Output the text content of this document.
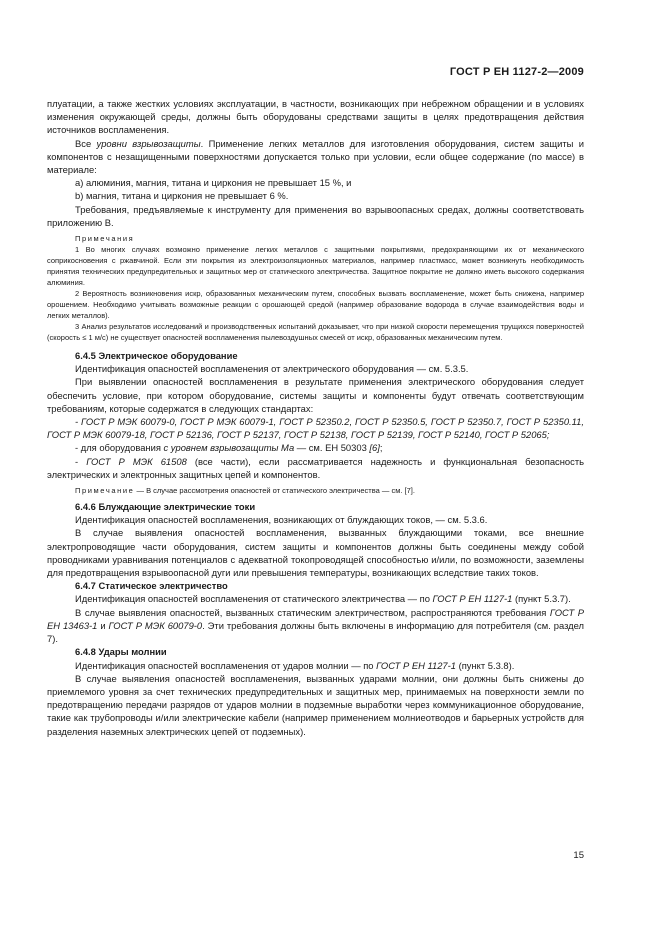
ГОСТ Р ЕН 1127-2—2009

плуатации, а также жестких условиях эксплуатации, в частности, возникающих при небрежном обращении и в условиях изменения окружающей среды, должны быть оборудованы средствами защиты в целях предотвращения действия источников воспламенения.

Все уровни взрывозащиты. Применение легких металлов для изготовления оборудования, систем защиты и компонентов с незащищенными поверхностями допускается только при условии, если общее содержание (по массе) в материале:

a) алюминия, магния, титана и циркония не превышает 15 %, и

b) магния, титана и циркония не превышает 6 %.

Требования, предъявляемые к инструменту для применения во взрывоопасных средах, должны соответствовать приложению В.

Примечания

1 Во многих случаях возможно применение легких металлов с защитными покрытиями, предохраняющими их от механического соприкосновения с ржавчиной. Если эти покрытия из электроизоляционных материалов, например пластмасс, может возникнуть необходимость принятия технических предупредительных и защитных мер от статического электричества. Защитное покрытие не должно иметь высокого содержания алюминия.

2 Вероятность возникновения искр, образованных механическим путем, способных вызвать воспламенение, может быть снижена, например орошением. Необходимо учитывать возможные реакции с орошающей средой (например образование водорода в случае взаимодействия воды и легких металлов).

3 Анализ результатов исследований и производственных испытаний доказывает, что при низкой скорости перемещения трущихся поверхностей (скорость ≤ 1 м/с) не существует опасностей воспламенения пылевоздушных смесей от искр, образованных механическим путем.

6.4.5 Электрическое оборудование

Идентификация опасностей воспламенения от электрического оборудования — см. 5.3.5.

При выявлении опасностей воспламенения в результате применения электрического оборудования следует обеспечить условие, при котором оборудование, системы защиты и компоненты будут отвечать соответствующим требованиям, которые содержатся в следующих стандартах:

- ГОСТ Р МЭК 60079-0, ГОСТ Р МЭК 60079-1, ГОСТ Р 52350.2, ГОСТ Р 52350.5, ГОСТ Р 52350.7, ГОСТ Р 52350.11, ГОСТ Р МЭК 60079-18, ГОСТ Р 52136, ГОСТ Р 52137, ГОСТ Р 52138, ГОСТ Р 52139, ГОСТ Р 52140, ГОСТ Р 52065;

- для оборудования с уровнем взрывозащиты Ма — см. ЕН 50303 [6];

- ГОСТ Р МЭК 61508 (все части), если рассматривается надежность и функциональная безопасность электрических и электронных защитных цепей и компонентов.

Примечание — В случае рассмотрения опасностей от статического электричества — см. [7].

6.4.6 Блуждающие электрические токи

Идентификация опасностей воспламенения, возникающих от блуждающих токов, — см. 5.3.6.

В случае выявления опасностей воспламенения, вызванных блуждающими токами, все внешние электропроводящие части оборудования, систем защиты и компонентов должны быть соединены между собой проводниками уравнивания потенциалов с адекватной токопроводящей способностью и/или, по возможности, заземлены для предотвращения взрывоопасной дуги или превышения температуры, возникающих вследствие таких токов.

6.4.7 Статическое электричество

Идентификация опасностей воспламенения от статического электричества — по ГОСТ Р ЕН 1127-1 (пункт 5.3.7).

В случае выявления опасностей, вызванных статическим электричеством, распространяются требования ГОСТ Р ЕН 13463-1 и ГОСТ Р МЭК 60079-0. Эти требования должны быть включены в информацию для потребителя (см. раздел 7).

6.4.8 Удары молнии

Идентификация опасностей воспламенения от ударов молнии — по ГОСТ Р ЕН 1127-1 (пункт 5.3.8).

В случае выявления опасностей воспламенения, вызванных ударами молнии, они должны быть снижены до приемлемого уровня за счет технических предупредительных и защитных мер, принимаемых на поверхности земли по предотвращению передачи разрядов от ударов молнии в подземные выработки через коммуникационное оборудование, такие как трубопроводы и/или электрические кабели (например применением молниеотводов и барьерных устройств для разделения наземных электрических цепей от подземных).

15
